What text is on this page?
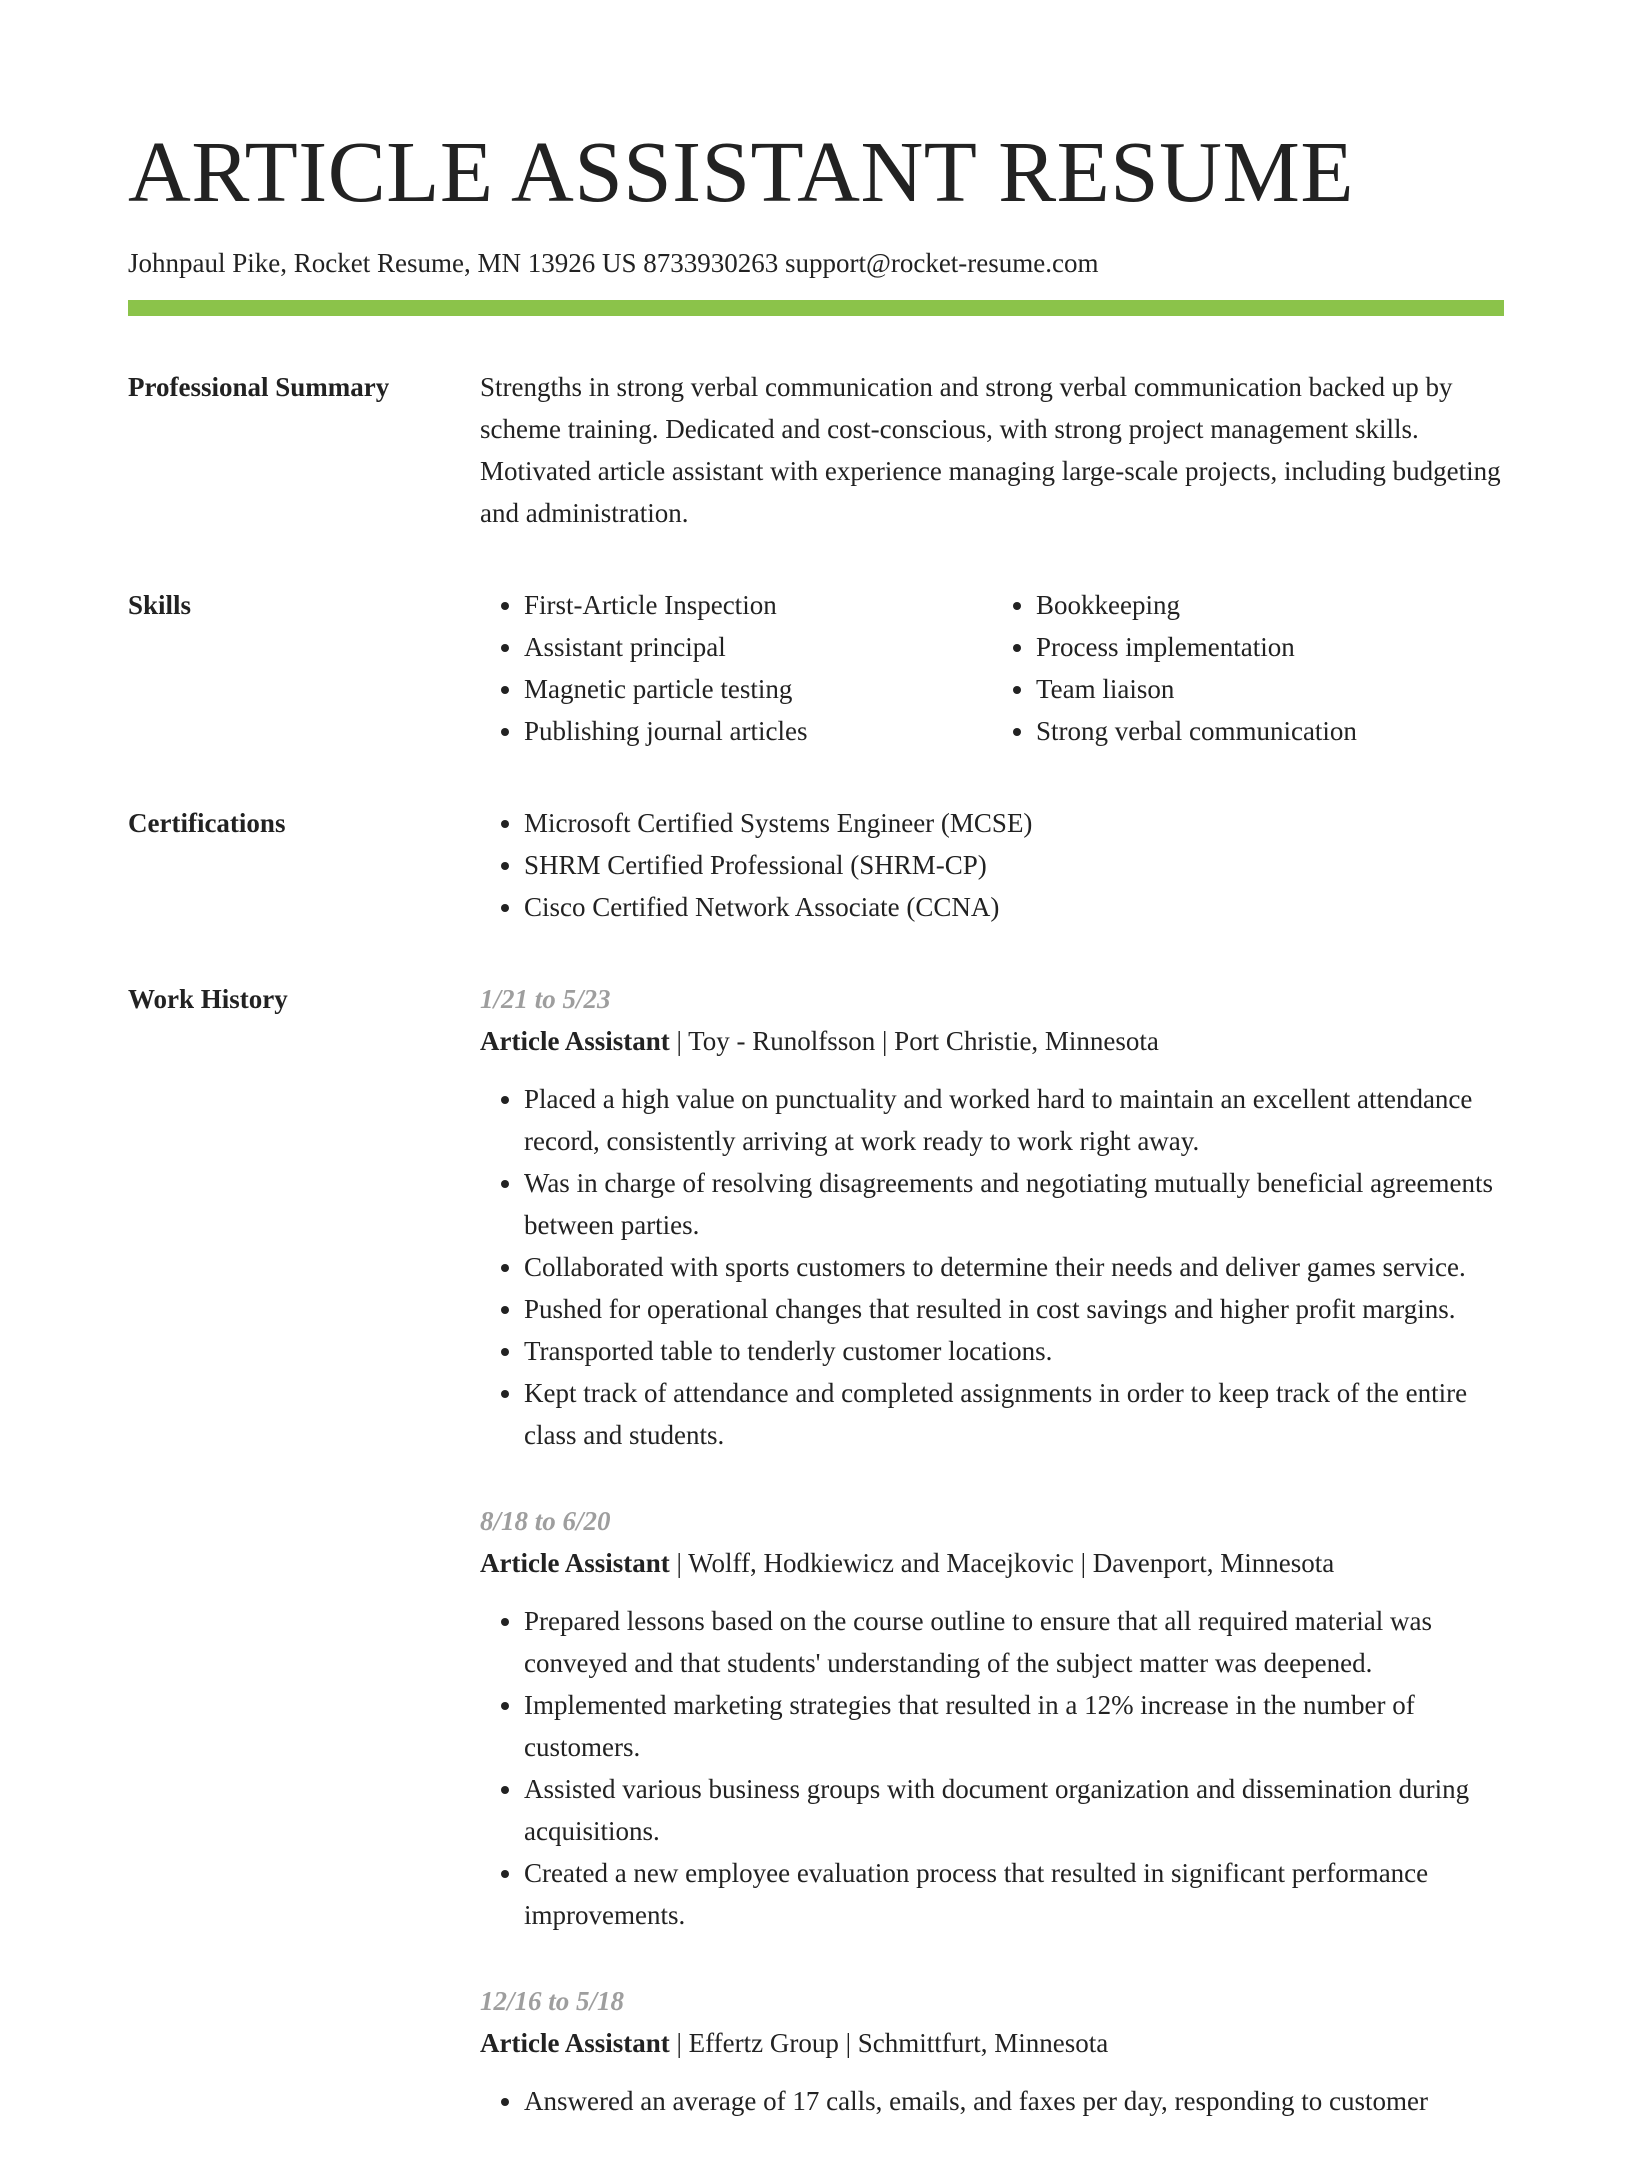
ARTICLE ASSISTANT RESUME
Johnpaul Pike, Rocket Resume, MN 13926 US 8733930263 support@rocket-resume.com
Professional Summary	Strengths in strong verbal communication and strong verbal communication backed up by scheme training. Dedicated and cost-conscious, with strong project management skills. Motivated article assistant with experience managing large-scale projects, including budgeting and administration.

Skills	• First-Article Inspection
• Assistant principal
• Magnetic particle testing
• Publishing journal articles
• Bookkeeping
• Process implementation
• Team liaison
• Strong verbal communication
Certifications	• Microsoft Certified Systems Engineer (MCSE)
• SHRM Certified Professional (SHRM-CP)
• Cisco Certified Network Associate (CCNA)
Work History	1/21 to 5/23
Article Assistant | Toy - Runolfsson | Port Christie, Minnesota
• Placed a high value on punctuality and worked hard to maintain an excellent attendance record, consistently arriving at work ready to work right away.
• Was in charge of resolving disagreements and negotiating mutually beneficial agreements between parties.
• Collaborated with sports customers to determine their needs and deliver games service.
• Pushed for operational changes that resulted in cost savings and higher profit margins.
• Transported table to tenderly customer locations.
• Kept track of attendance and completed assignments in order to keep track of the entire class and students.
8/18 to 6/20
Article Assistant | Wolff, Hodkiewicz and Macejkovic | Davenport, Minnesota
• Prepared lessons based on the course outline to ensure that all required material was conveyed and that students' understanding of the subject matter was deepened.
• Implemented marketing strategies that resulted in a 12% increase in the number of customers.
• Assisted various business groups with document organization and dissemination during acquisitions.
• Created a new employee evaluation process that resulted in significant performance improvements.
12/16 to 5/18
Article Assistant | Effertz Group | Schmittfurt, Minnesota
• Answered an average of 17 calls, emails, and faxes per day, responding to customer
